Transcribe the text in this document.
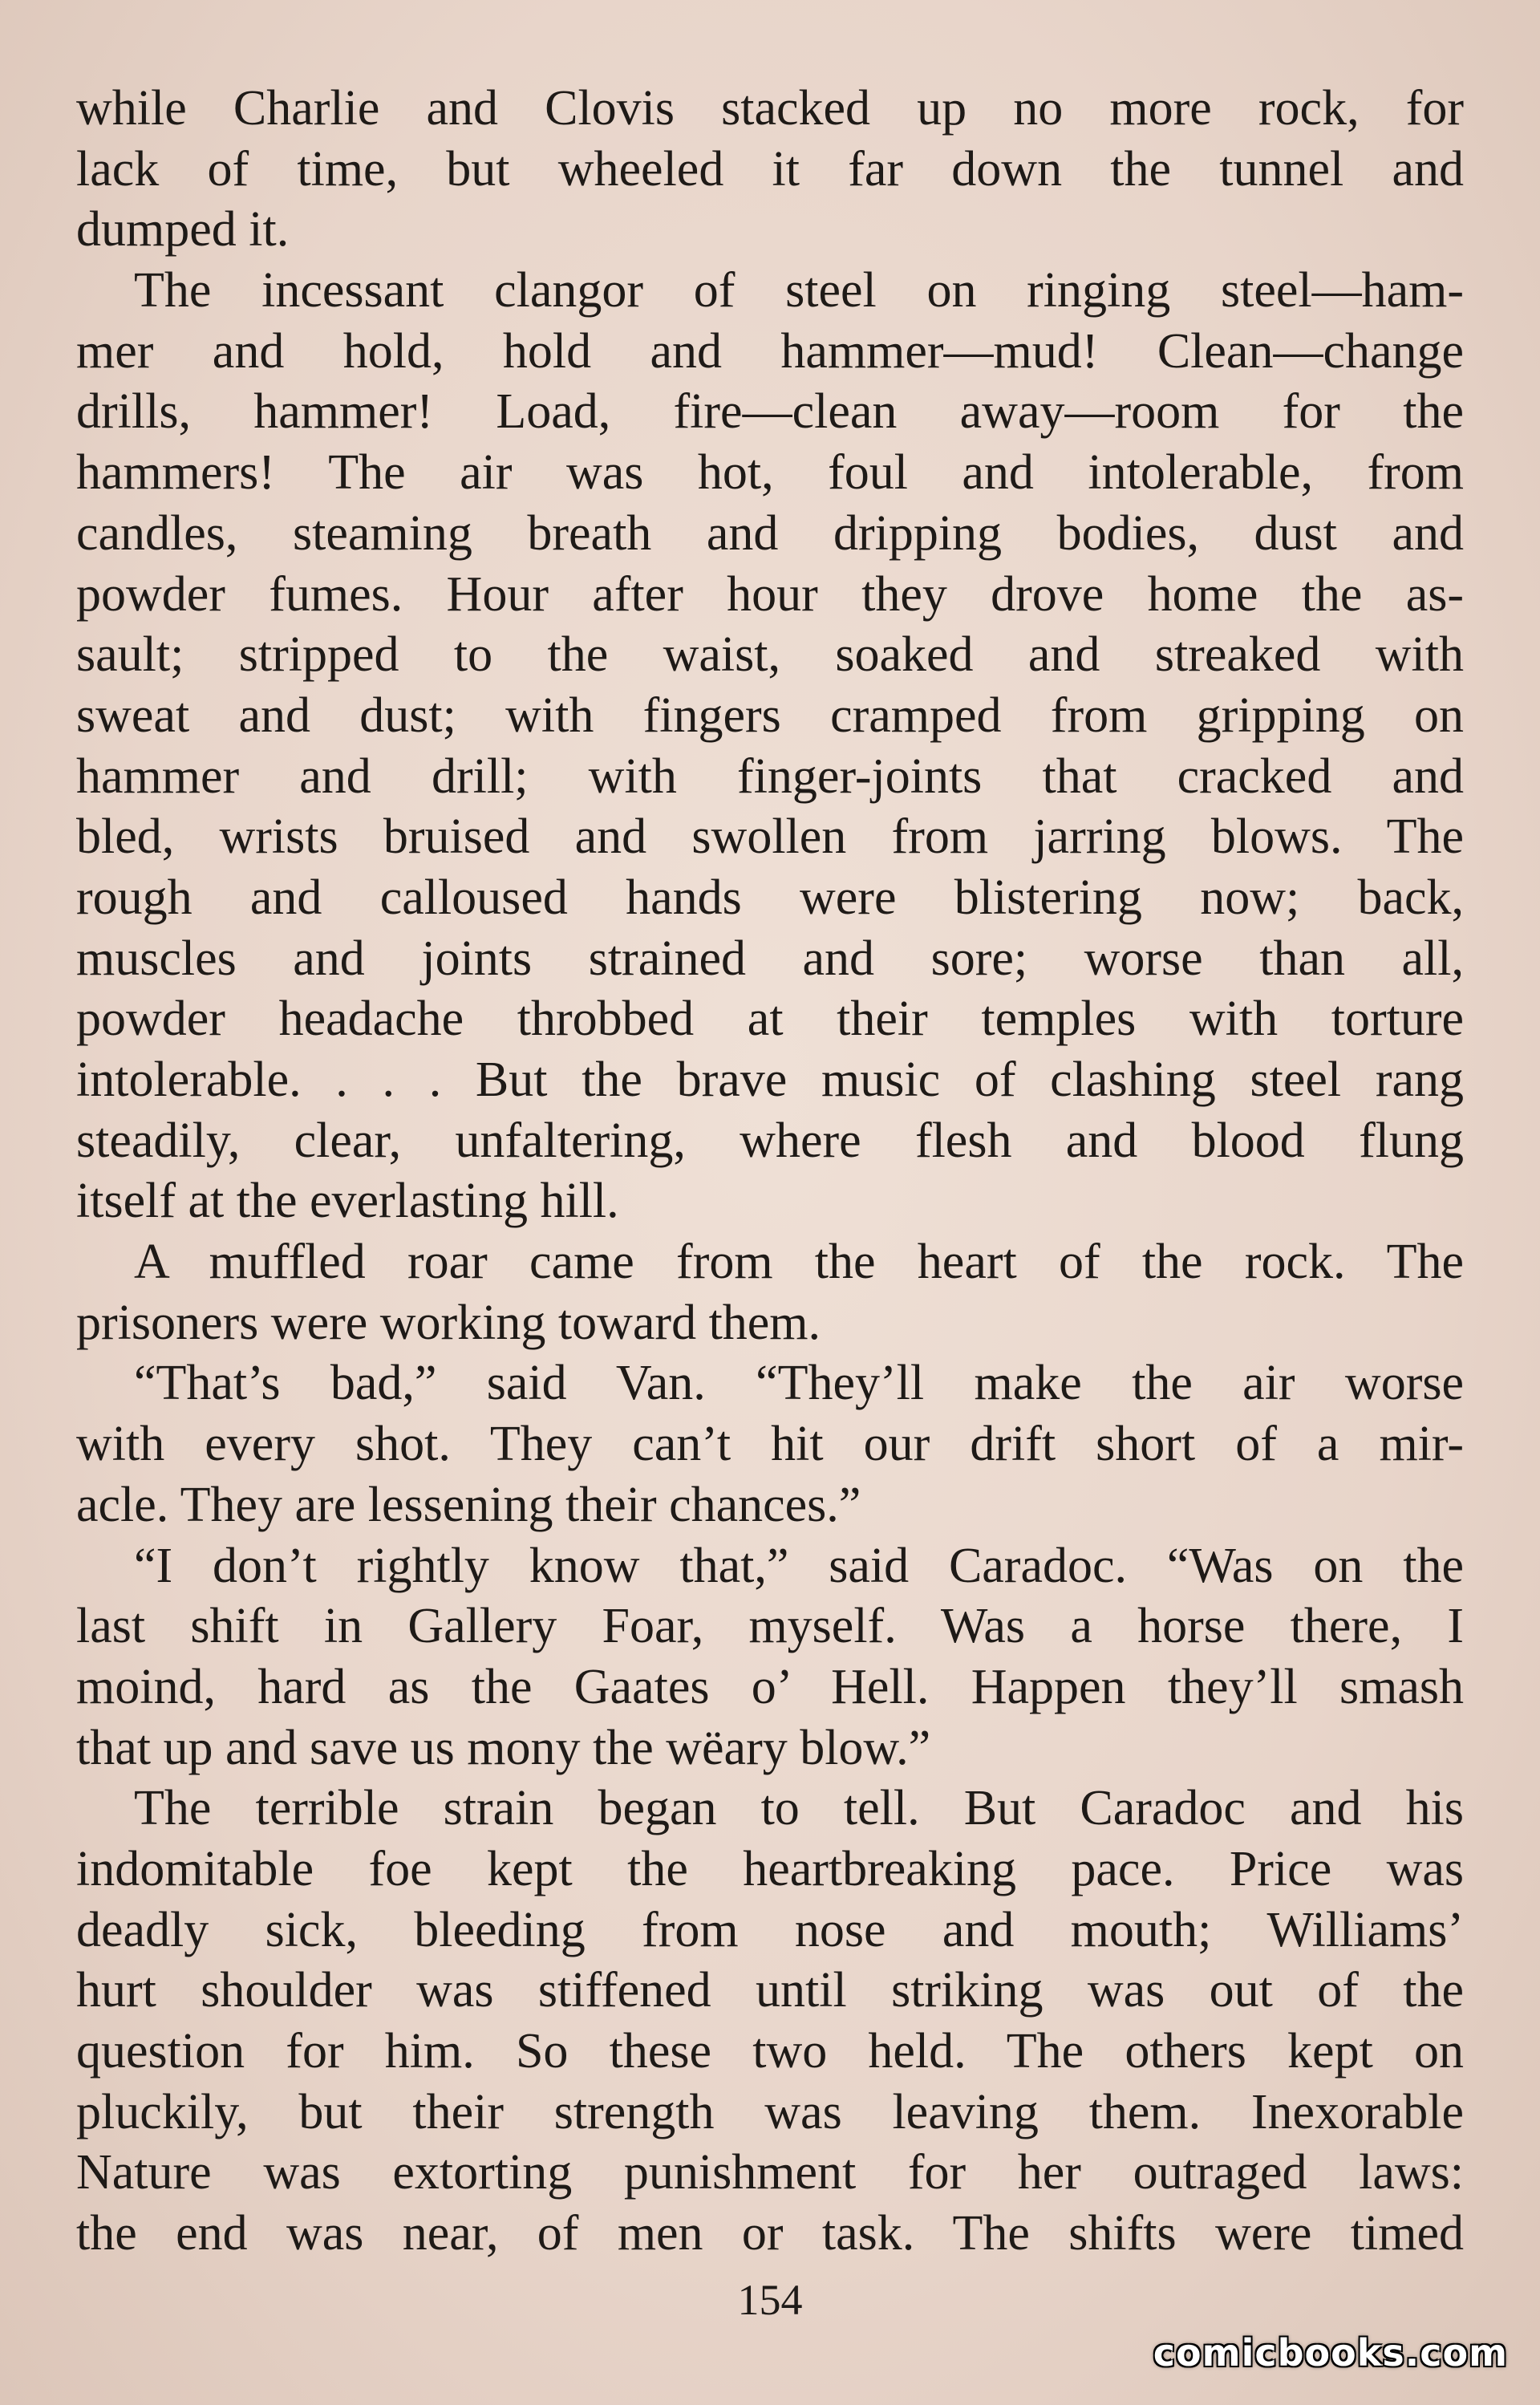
while Charlie and Clovis stacked up no more rock, for
lack of time, but wheeled it far down the tunnel and
dumped it.
The incessant clangor of steel on ringing steel—ham-
mer and hold, hold and hammer—mud! Clean—change
drills, hammer! Load, fire—clean away—room for the
hammers! The air was hot, foul and intolerable, from
candles, steaming breath and dripping bodies, dust and
powder fumes. Hour after hour they drove home the as-
sault; stripped to the waist, soaked and streaked with
sweat and dust; with fingers cramped from gripping on
hammer and drill; with finger-joints that cracked and
bled, wrists bruised and swollen from jarring blows. The
rough and calloused hands were blistering now; back,
muscles and joints strained and sore; worse than all,
powder headache throbbed at their temples with torture
intolerable. . . . But the brave music of clashing steel rang
steadily, clear, unfaltering, where flesh and blood flung
itself at the everlasting hill.
A muffled roar came from the heart of the rock. The
prisoners were working toward them.
“That’s bad,” said Van. “They’ll make the air worse
with every shot. They can’t hit our drift short of a mir-
acle. They are lessening their chances.”
“I don’t rightly know that,” said Caradoc. “Was on the
last shift in Gallery Foar, myself. Was a horse there, I
moind, hard as the Gaates o’ Hell. Happen they’ll smash
that up and save us mony the wëary blow.”
The terrible strain began to tell. But Caradoc and his
indomitable foe kept the heartbreaking pace. Price was
deadly sick, bleeding from nose and mouth; Williams’
hurt shoulder was stiffened until striking was out of the
question for him. So these two held. The others kept on
pluckily, but their strength was leaving them. Inexorable
Nature was extorting punishment for her outraged laws:
the end was near, of men or task. The shifts were timed
154
comicbooks.com
